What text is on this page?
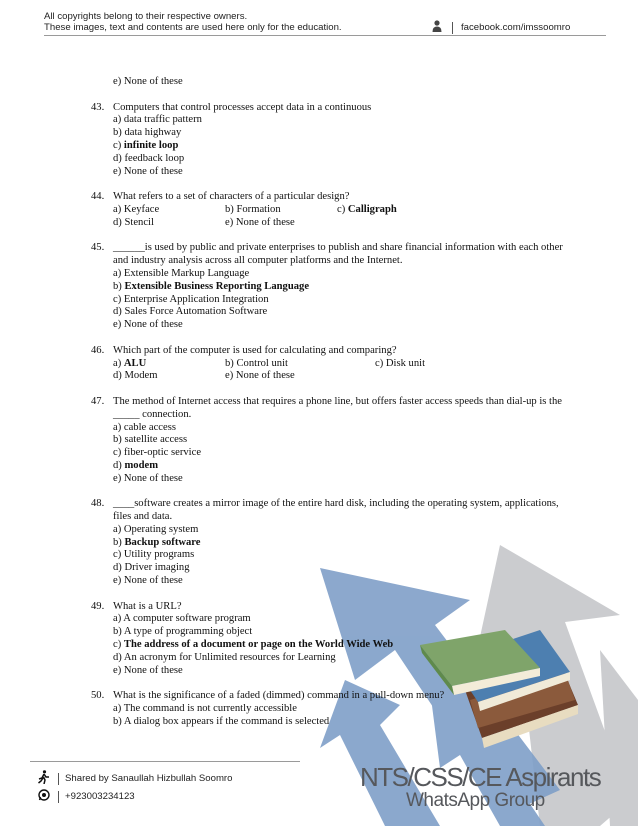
All copyrights belong to their respective owners.
These images, text and contents are used here only for the education.	facebook.com/imssoomro
e) None of these
43. Computers that control processes accept data in a continuous
a) data traffic pattern
b) data highway
c) infinite loop
d) feedback loop
e) None of these
44. What refers to a set of characters of a particular design?
a) Keyface	b) Formation	c) Calligraph
d) Stencil	e) None of these
45. ______is used by public and private enterprises to publish and share financial information with each other and industry analysis across all computer platforms and the Internet.
a) Extensible Markup Language
b) Extensible Business Reporting Language
c) Enterprise Application Integration
d) Sales Force Automation Software
e) None of these
46. Which part of the computer is used for calculating and comparing?
a) ALU	b) Control unit	c) Disk unit
d) Modem	e) None of these
47. The method of Internet access that requires a phone line, but offers faster access speeds than dial-up is the _____ connection.
a) cable access
b) satellite access
c) fiber-optic service
d) modem
e) None of these
48. ____software creates a mirror image of the entire hard disk, including the operating system, applications, files and data.
a) Operating system
b) Backup software
c) Utility programs
d) Driver imaging
e) None of these
49. What is a URL?
a) A computer software program
b) A type of programming object
c) The address of a document or page on the World Wide Web
d) An acronym for Unlimited resources for Learning
e) None of these
50. What is the significance of a faded (dimmed) command in a pull-down menu?
a) The command is not currently accessible
b) A dialog box appears if the command is selected
Shared by Sanaullah Hizbullah Soomro
+923003234123
NTS/CSS/CE Aspirants
WhatsApp Group
